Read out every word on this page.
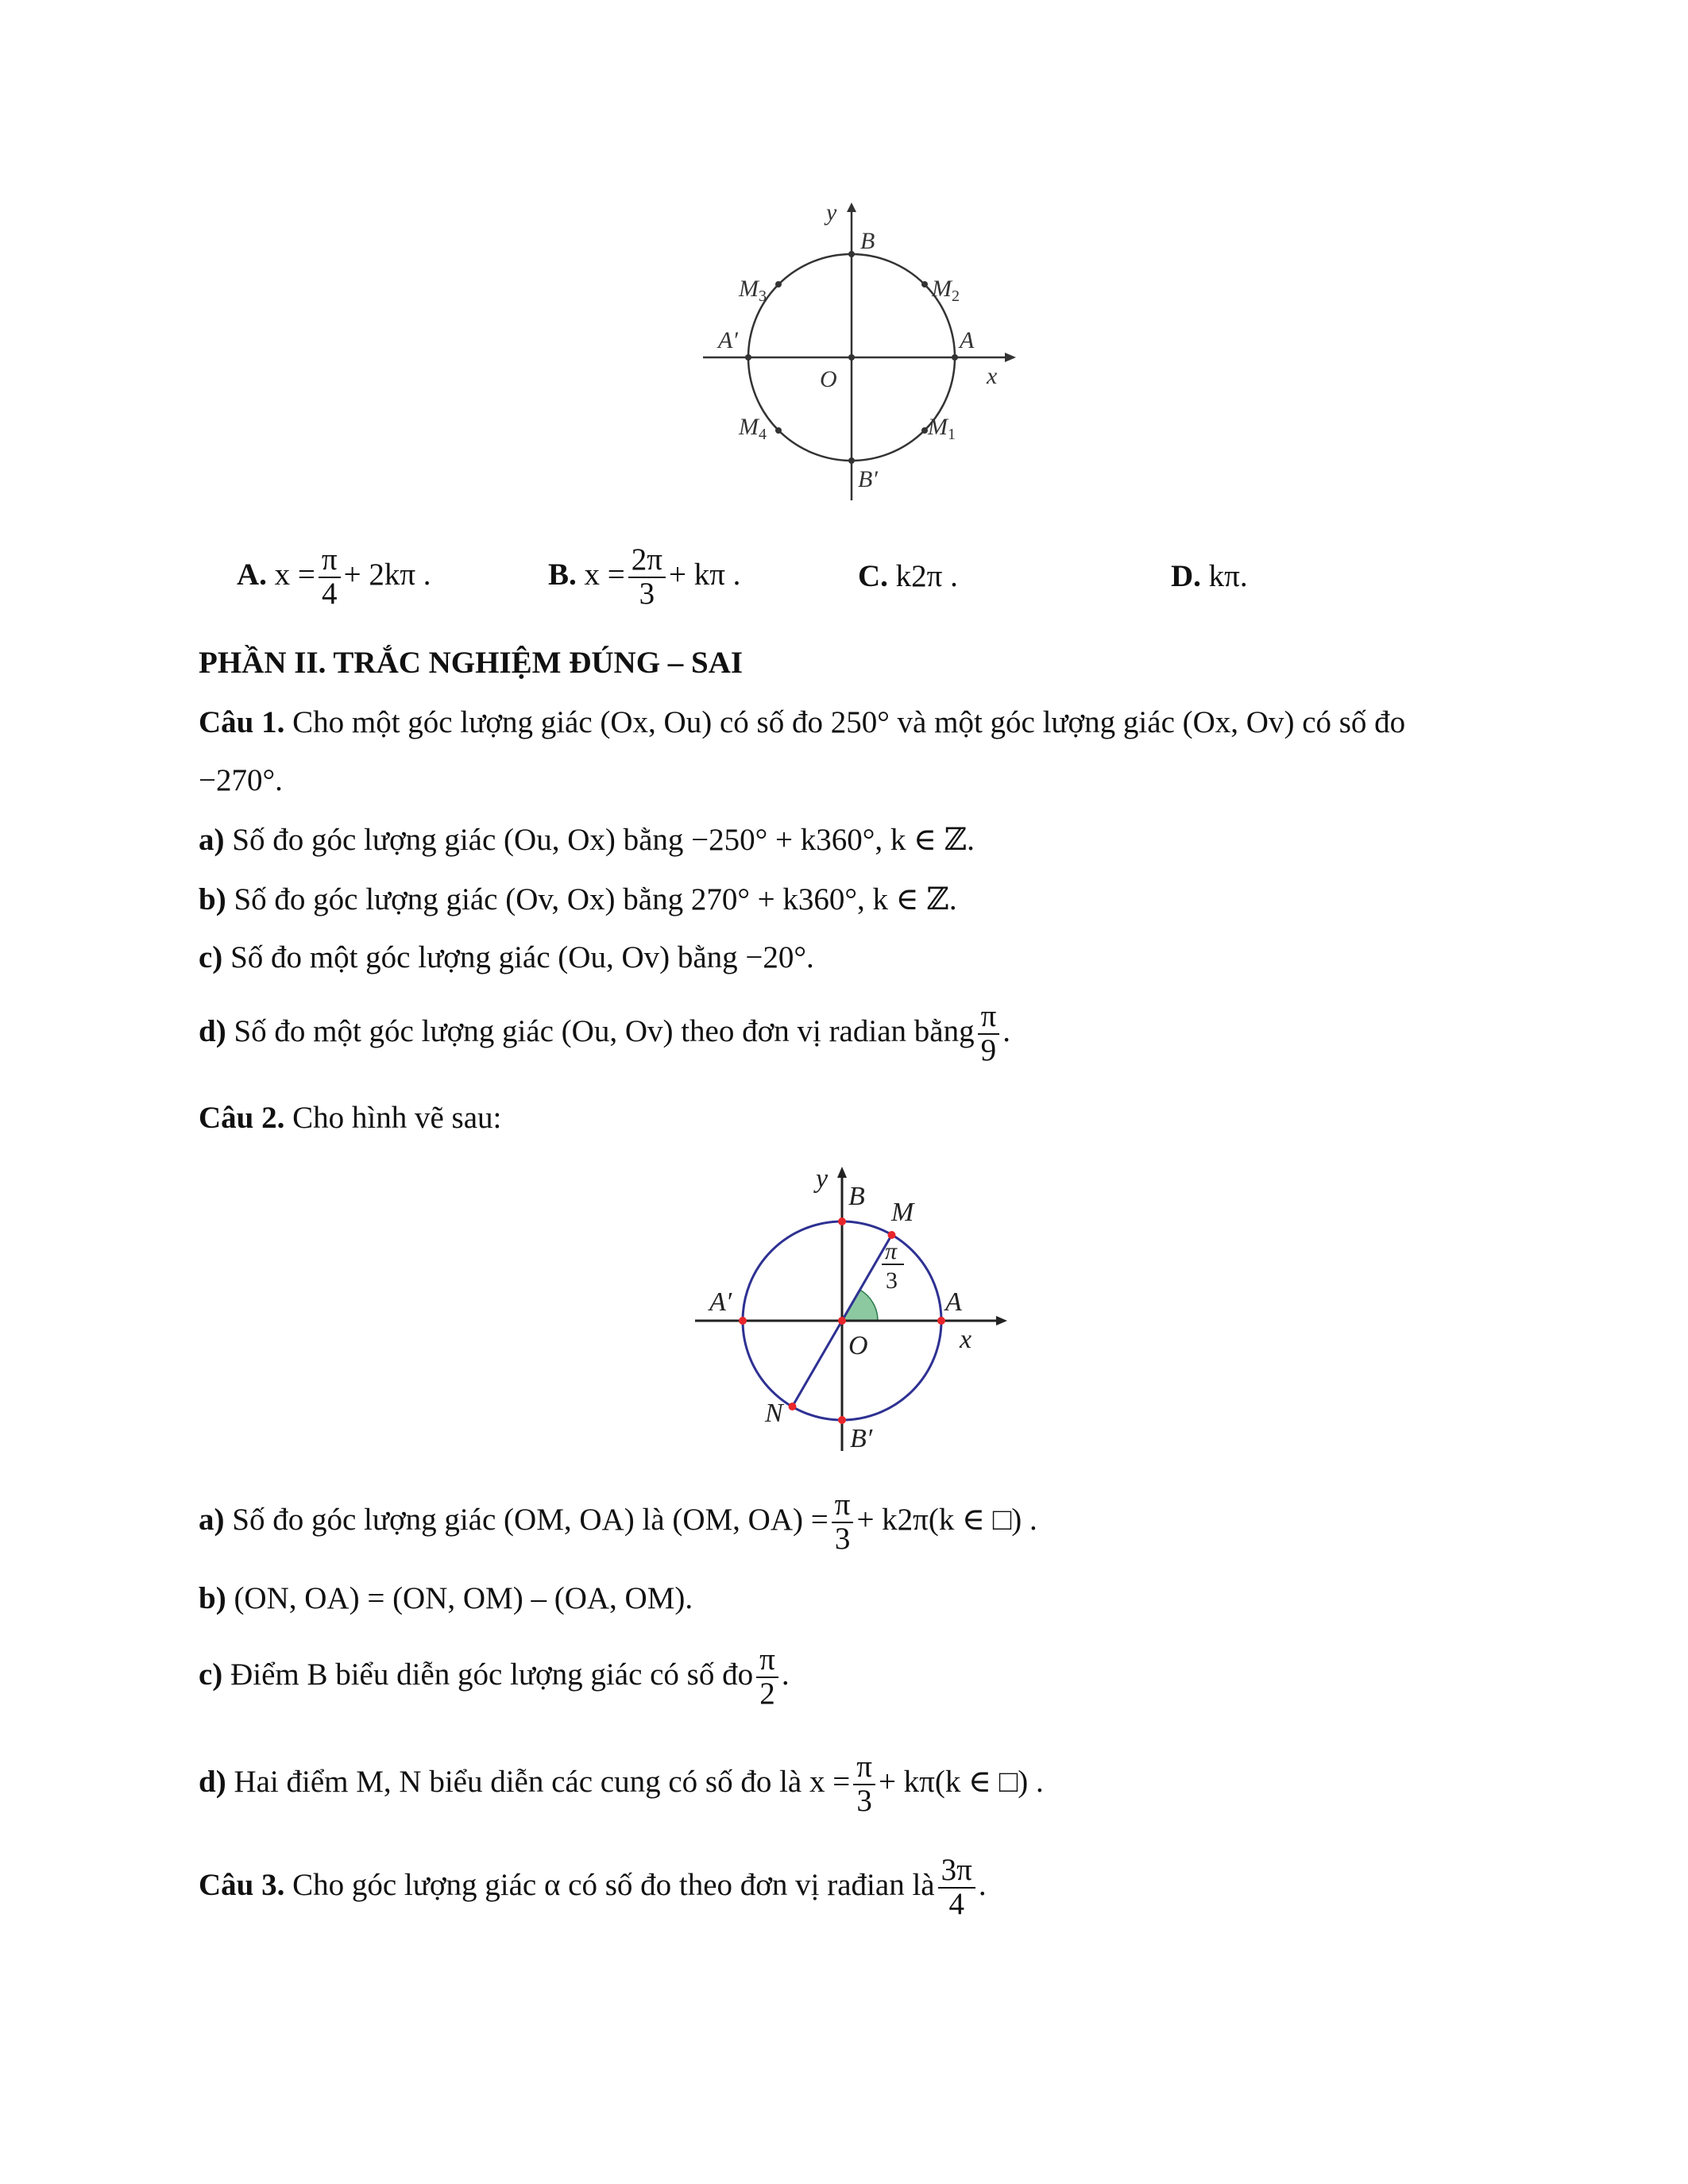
y
x
B
A′	A
O
B′
$M_2$
$M_3$
$M_4$	$M_1$
A. $x = \frac{\pi}{4} + 2k\pi$ .	B. $x = \frac{2\pi}{3} + k\pi$ .	C. k2π .	D. kπ.
PHẦN II. TRẮC NGHIỆM ĐÚNG – SAI
Câu 1. Cho một góc lượng giác (Ox, Ou) có số đo 250° và một góc lượng giác (Ox, Ov) có số đo
−270°.
a) Số đo góc lượng giác (Ou, Ox) bằng −250° + k360°, k ∈ ℤ.
b) Số đo góc lượng giác (Ov, Ox) bằng 270° + k360°, k ∈ ℤ.
c) Số đo một góc lượng giác (Ou, Ov) bằng −20°.
d) Số đo một góc lượng giác (Ou, Ov) theo đơn vị radian bằng $\frac{\pi}{9}$ .
Câu 2. Cho hình vẽ sau:
y
x
B
M
A′	A
O
N
B′
π
3
a) Số đo góc lượng giác (OM, OA) là (OM, $OA) = \frac{\pi}{3} + k2\pi(k$ ∈ □) .
b) (ON, OA) = (ON, OM) – (OA, OM).
c) Điểm B biểu diễn góc lượng giác có số đo $\frac{\pi}{2}$ .
d) Hai điểm M, N biểu diễn các cung có số đo là $x = \frac{\pi}{3} + k\pi(k$ ∈ □) .
Câu 3. Cho góc lượng giác α có số đo theo đơn vị rađian là $\frac{3\pi}{4}$ .
